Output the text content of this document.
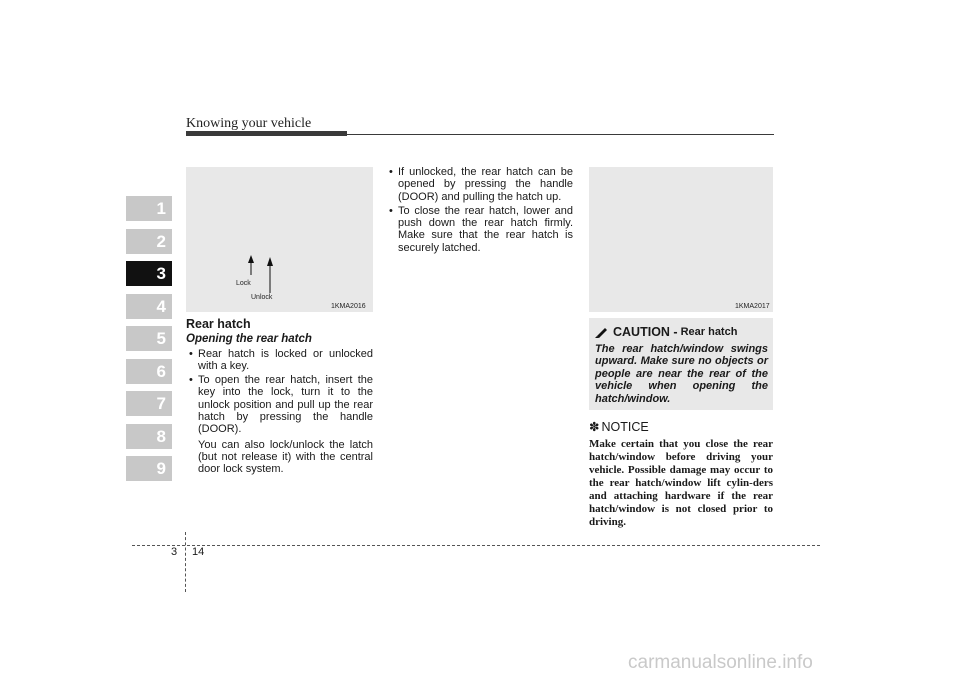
Knowing your vehicle
1
2
3
4
5
6
7
8
9
Lock
Unlock
1KMA2016	1KMA2017
Rear hatch
Opening the rear hatch
• Rear hatch is locked or unlocked with a key.
• To open the rear hatch, insert the key into the lock, turn it to the unlock position and pull up the rear hatch by pressing the handle (DOOR).
You can also lock/unlock the latch (but not release it) with the central door lock system.
• If unlocked, the rear hatch can be opened by pressing the handle (DOOR) and pulling the hatch up.
• To close the rear hatch, lower and push down the rear hatch firmly. Make sure that the rear hatch is securely latched.
CAUTION - Rear hatch
The rear hatch/window swings upward. Make sure no objects or people are near the rear of the vehicle when opening the hatch/window.
✽ NOTICE
Make certain that you close the rear hatch/window before driving your vehicle. Possible damage may occur to the rear hatch/window lift cylin-ders and attaching hardware if the rear hatch/window is not closed prior to driving.
3 14
carmanualsonline.info
